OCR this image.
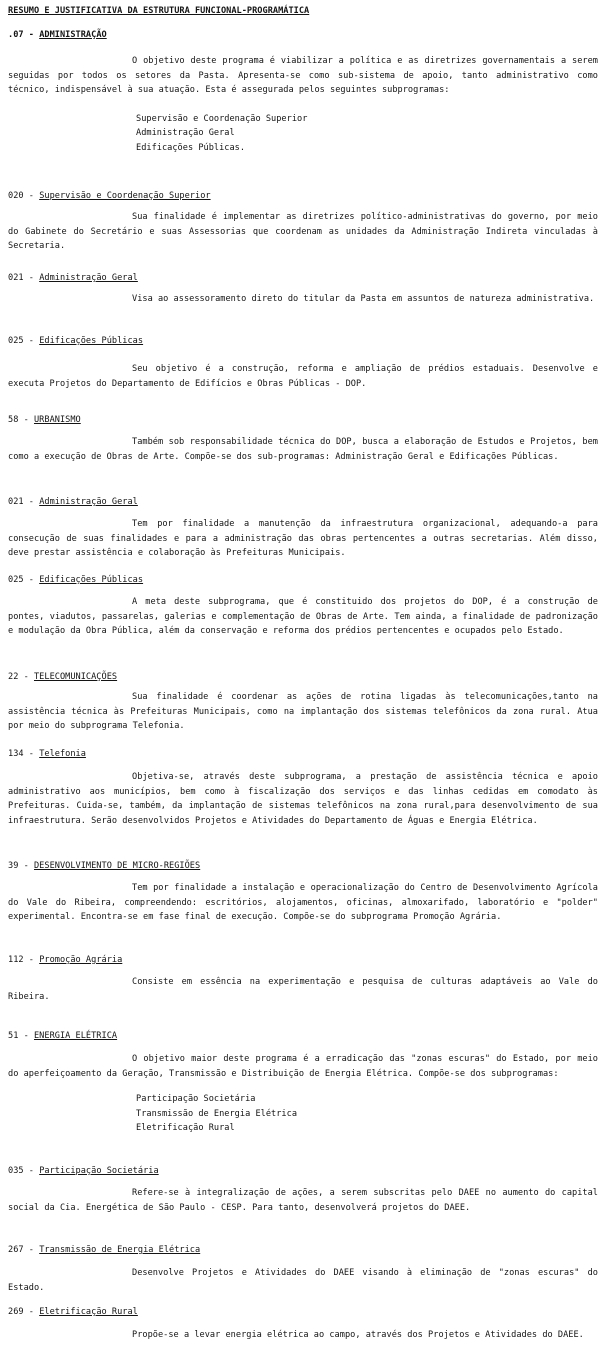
RESUMO E JUSTIFICATIVA DA ESTRUTURA FUNCIONAL-PROGRAMÁTICA
.07 - ADMINISTRAÇÃO

O objetivo deste programa é viabilizar a política e as diretrizes governamentais a serem seguidas por todos os setores da Pasta. Apresenta-se como sub-sistema de apoio, tanto administrativo como técnico, indispensável à sua atuação. Esta é assegurada pelos seguintes subprogramas:

Supervisão e Coordenação Superior
Administração Geral
Edificações Públicas.
020 - Supervisão e Coordenação Superior

Sua finalidade é implementar as diretrizes político-administrativas do governo, por meio do Gabinete do Secretário e suas Assessorias que coordenam as unidades da Administração Indireta vinculadas à Secretaria.

021 - Administração Geral

Visa ao assessoramento direto do titular da Pasta em assuntos de natureza administrativa.

025 - Edificações Públicas

Seu objetivo é a construção, reforma e ampliação de prédios estaduais. Desenvolve e executa Projetos do Departamento de Edifícios e Obras Públicas - DOP.

58 - URBANISMO

Também sob responsabilidade técnica do DOP, busca a elaboração de Estudos e Projetos, bem como a execução de Obras de Arte. Compõe-se dos sub-programas: Administração Geral e Edificações Públicas.

021 - Administração Geral

Tem por finalidade a manutenção da infraestrutura organizacional, adequando-a para consecução de suas finalidades e para a administração das obras pertencentes a outras secretarias. Além disso, deve prestar assistência e colaboração às Prefeituras Municipais.

025 - Edificações Públicas

A meta deste subprograma, que é constituido dos projetos do DOP, é a construção de pontes, viadutos, passarelas, galerias e complementação de Obras de Arte. Tem ainda, a finalidade de padronização e modulação da Obra Pública, além da conservação e reforma dos prédios pertencentes e ocupados pelo Estado.

22 - TELECOMUNICAÇÕES

Sua finalidade é coordenar as ações de rotina ligadas às telecomunicações,tanto na assistência técnica às Prefeituras Municipais, como na implantação dos sistemas telefônicos da zona rural. Atua por meio do subprograma Telefonia.

134 - Telefonia

Objetiva-se, através deste subprograma, a prestação de assistência técnica e apoio administrativo aos municípios, bem como à fiscalização dos serviços e das linhas cedidas em comodato às Prefeituras. Cuida-se, também, da implantação de sistemas telefônicos na zona rural,para desenvolvimento de sua infraestrutura. Serão desenvolvidos Projetos e Atividades do Departamento de Águas e Energia Elétrica.

39 - DESENVOLVIMENTO DE MICRO-REGIÕES

Tem por finalidade a instalação e operacionalização do Centro de Desenvolvimento Agrícola do Vale do Ribeira, compreendendo: escritórios, alojamentos, oficinas, almoxarifado, laboratório e "polder" experimental. Encontra-se em fase final de execução. Compõe-se do subprograma Promoção Agrária.

112 - Promoção Agrária

Consiste em essência na experimentação e pesquisa de culturas adaptáveis ao Vale do Ribeira.

51 - ENERGIA ELÉTRICA

O objetivo maior deste programa é a erradicação das "zonas escuras" do Estado, por meio do aperfeiçoamento da Geração, Transmissão e Distribuição de Energia Elétrica. Compõe-se dos subprogramas:

Participação Societária
Transmissão de Energia Elétrica
Eletrificação Rural
035 - Participação Societária

Refere-se à integralização de ações, a serem subscritas pelo DAEE no aumento do capital social da Cia. Energética de São Paulo - CESP. Para tanto, desenvolverá projetos do DAEE.

267 - Transmissão de Energia Elétrica

Desenvolve Projetos e Atividades do DAEE visando à eliminação de "zonas escuras" do Estado.

269 - Eletrificação Rural

Propõe-se a levar energia elétrica ao campo, através dos Projetos e Atividades do DAEE.
